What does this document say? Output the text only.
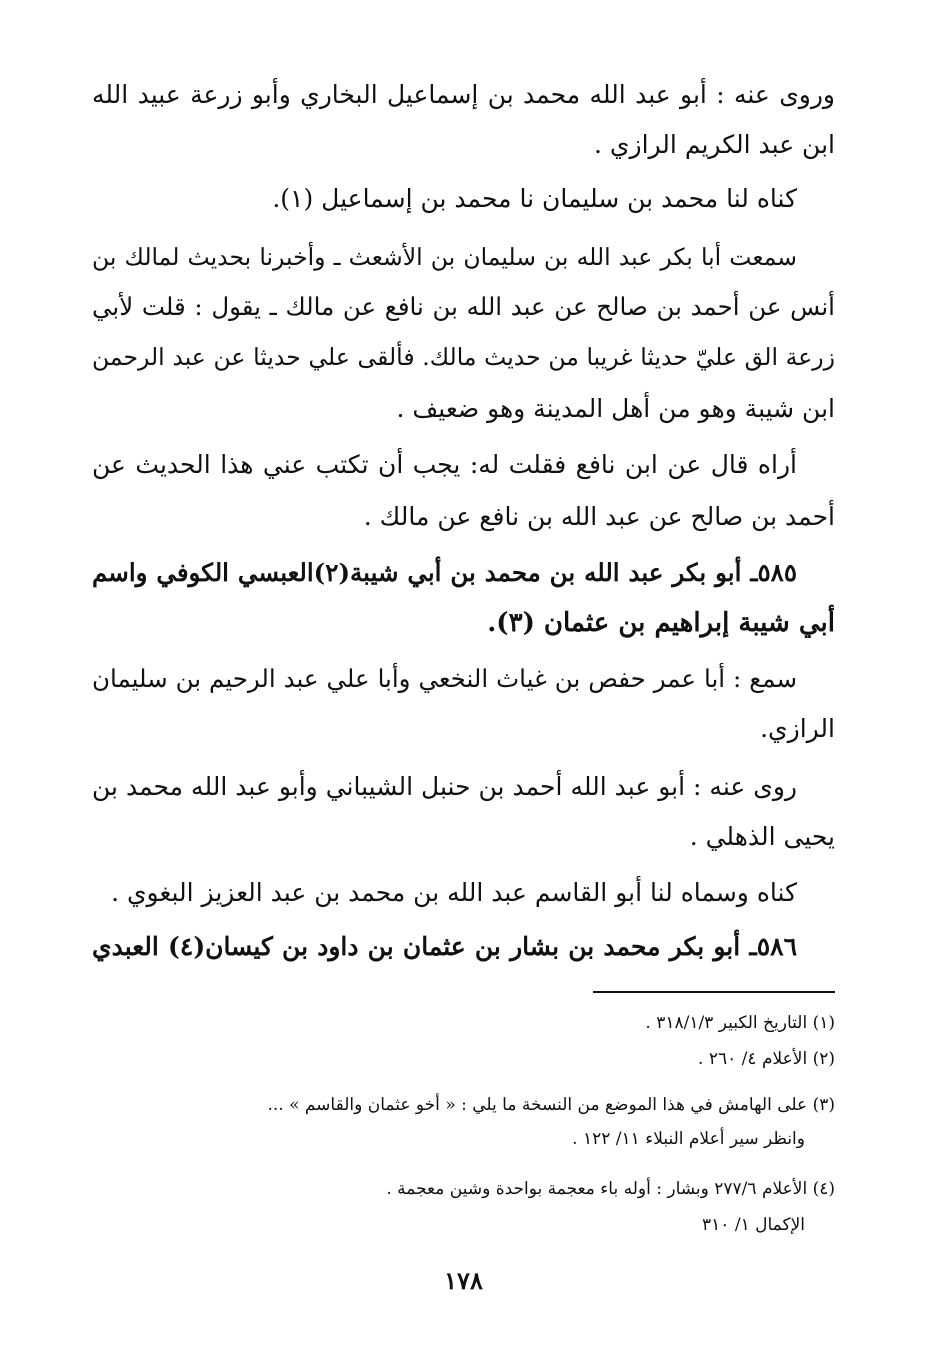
وروى عنه : أبو عبد الله محمد بن إسماعيل البخاري وأبو زرعة عبيد الله
ابن عبد الكريم الرازي .
كناه لنا محمد بن سليمان نا محمد بن إسماعيل (١).
سمعت أبا بكر عبد الله بن سليمان بن الأشعث ـ وأخبرنا بحديث لمالك بن
أنس عن أحمد بن صالح عن عبد الله بن نافع عن مالك ـ يقول : قلت لأبي
زرعة الق عليّ حديثا غريبا من حديث مالك. فألقى علي حديثا عن عبد الرحمن
ابن شيبة وهو من أهل المدينة وهو ضعيف .
أراه قال عن ابن نافع فقلت له: يجب أن تكتب عني هذا الحديث عن
أحمد بن صالح عن عبد الله بن نافع عن مالك .
٥٨٥ـ أبو بكر عبد الله بن محمد بن أبي شيبة(٢)العبسي الكوفي واسم
أبي شيبة إبراهيم بن عثمان (٣).
سمع : أبا عمر حفص بن غياث النخعي وأبا علي عبد الرحيم بن سليمان
الرازي.
روى عنه : أبو عبد الله أحمد بن حنبل الشيباني وأبو عبد الله محمد بن
يحيى الذهلي .
كناه وسماه لنا أبو القاسم عبد الله بن محمد بن عبد العزيز البغوي .
٥٨٦ـ أبو بكر محمد بن بشار بن عثمان بن داود بن كيسان(٤) العبدي
(١) التاريخ الكبير ٣١٨/١/٣ .
(٢) الأعلام ٤/ ٢٦٠ .
(٣) على الهامش في هذا الموضع من النسخة ما يلي : « أخو عثمان والقاسم » ...
وانظر سير أعلام النبلاء ١١/ ١٢٢ .
(٤) الأعلام ٢٧٧/٦ وبشار : أوله باء معجمة بواحدة وشين معجمة .
الإكمال ١/ ٣١٠
١٧٨
